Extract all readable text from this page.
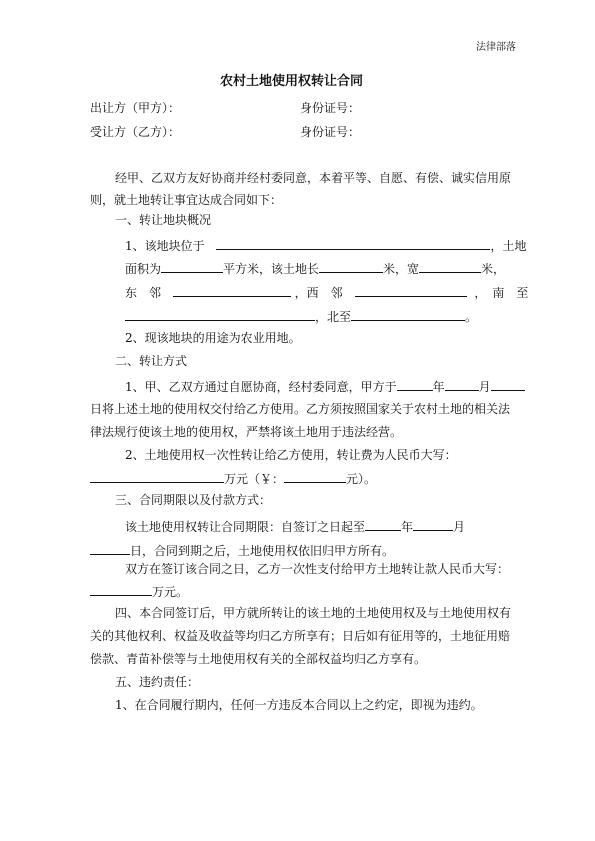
法律部落
农村土地使用权转让合同
出让方（甲方）：	身份证号：
受让方（乙方）：	身份证号：
经甲、乙双方友好协商并经村委同意，本着平等、自愿、有偿、诚实信用原
则，就土地转让事宜达成合同如下：
一、转让地块概况
1、该地块位于	，土地
面积为	平方米，该土地长	米，宽	米，
东　邻	，西　邻	，　南　至
，北至	。
2、现该地块的用途为农业用地。
二、转让方式
1、甲、乙双方通过自愿协商，经村委同意，甲方于	年	月
日将上述土地的使用权交付给乙方使用。乙方须按照国家关于农村土地的相关法
律法规行使该土地的使用权，严禁将该土地用于违法经营。
2、土地使用权一次性转让给乙方使用，转让费为人民币大写：
万元（￥：	元）。
三、合同期限以及付款方式：
该土地使用权转让合同期限：自签订之日起至	年	月
日，合同到期之后，土地使用权依旧归甲方所有。
双方在签订该合同之日，乙方一次性支付给甲方土地转让款人民币大写：
万元。
四、本合同签订后，甲方就所转让的该土地的土地使用权及与土地使用权有
关的其他权利、权益及收益等均归乙方所享有；日后如有征用等的，土地征用赔
偿款、青苗补偿等与土地使用权有关的全部权益均归乙方享有。
五、违约责任：
1、在合同履行期内，任何一方违反本合同以上之约定，即视为违约。
